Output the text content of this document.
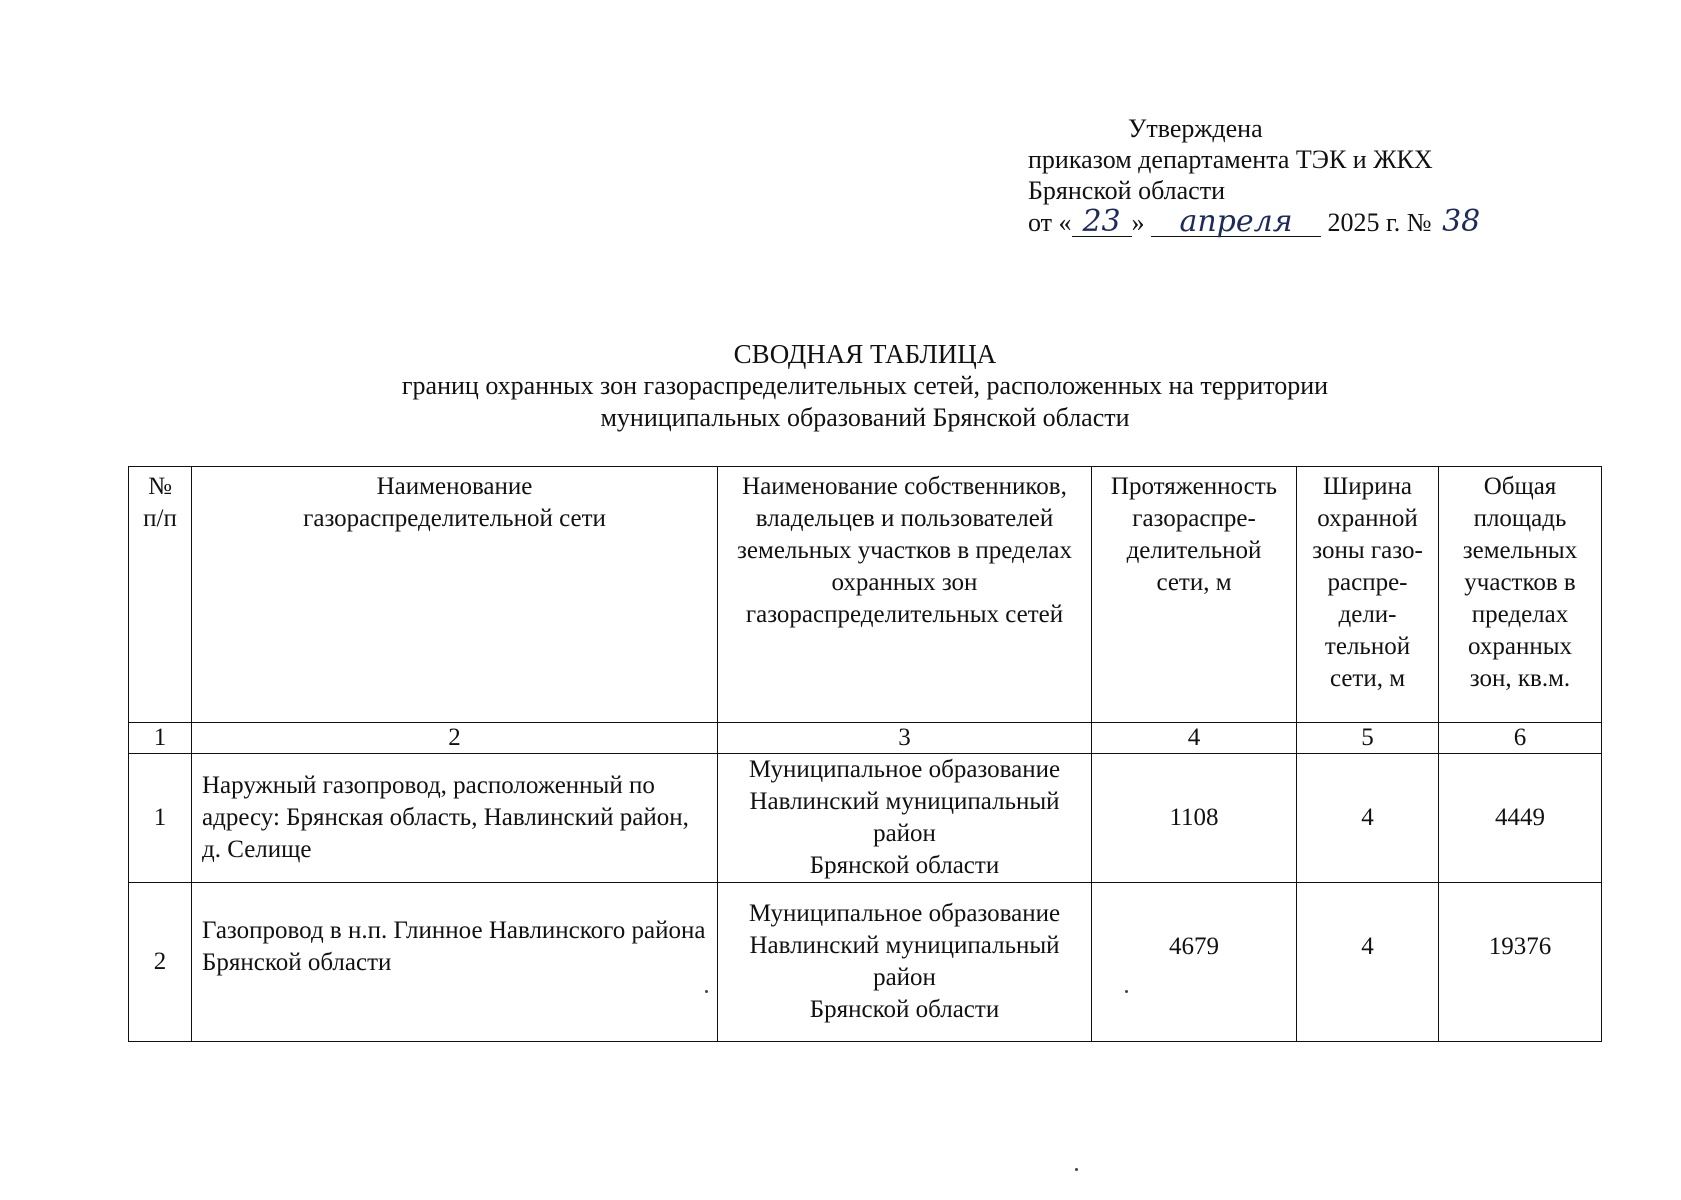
Утверждена
приказом департамента ТЭК и ЖКХ
Брянской области
от « 23 » апреля 2025 г. № 38
СВОДНАЯ ТАБЛИЦА
границ охранных зон газораспределительных сетей, расположенных на территории
муниципальных образований Брянской области
№ п/п	Наименование газораспределительной сети	Наименование собственников, владельцев и пользователей земельных участков в пределах охранных зон газораспределительных сетей	Протяженность газораспре-делительной сети, м	Ширина охранной зоны газо-распре-дели-тельной сети, м	Общая площадь земельных участков в пределах охранных зон, кв.м.
1	2	3	4	5	6
1	Наружный газопровод, расположенный по адресу: Брянская область, Навлинский район, д. Селище	Муниципальное образование
Навлинский муниципальный район
Брянской области	1108	4	4449
2	Газопровод в н.п. Глинное Навлинского района Брянской области	Муниципальное образование
Навлинский муниципальный район
Брянской области	4679	4	19376
